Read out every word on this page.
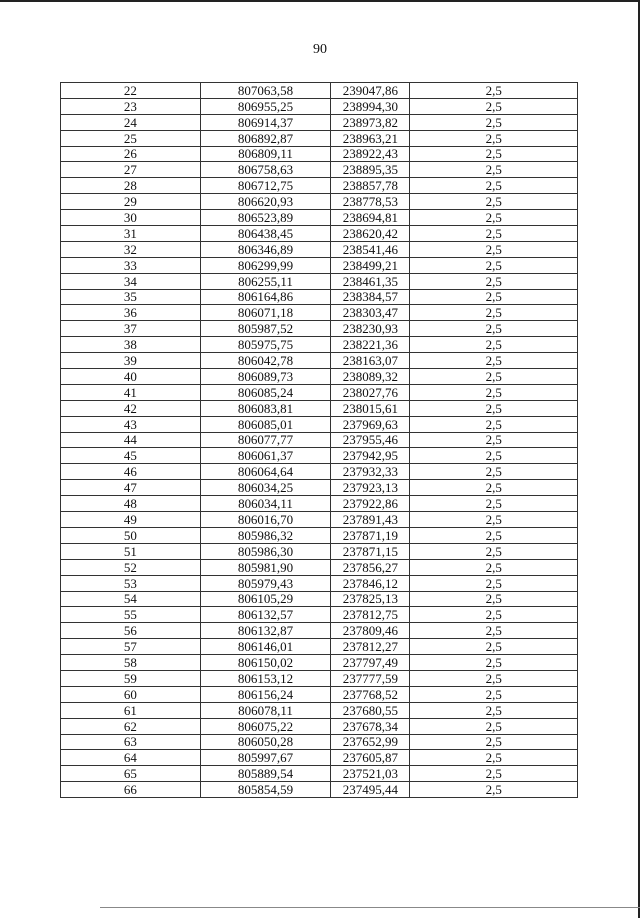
90
22	807063,58	239047,86	2,5
23	806955,25	238994,30	2,5
24	806914,37	238973,82	2,5
25	806892,87	238963,21	2,5
26	806809,11	238922,43	2,5
27	806758,63	238895,35	2,5
28	806712,75	238857,78	2,5
29	806620,93	238778,53	2,5
30	806523,89	238694,81	2,5
31	806438,45	238620,42	2,5
32	806346,89	238541,46	2,5
33	806299,99	238499,21	2,5
34	806255,11	238461,35	2,5
35	806164,86	238384,57	2,5
36	806071,18	238303,47	2,5
37	805987,52	238230,93	2,5
38	805975,75	238221,36	2,5
39	806042,78	238163,07	2,5
40	806089,73	238089,32	2,5
41	806085,24	238027,76	2,5
42	806083,81	238015,61	2,5
43	806085,01	237969,63	2,5
44	806077,77	237955,46	2,5
45	806061,37	237942,95	2,5
46	806064,64	237932,33	2,5
47	806034,25	237923,13	2,5
48	806034,11	237922,86	2,5
49	806016,70	237891,43	2,5
50	805986,32	237871,19	2,5
51	805986,30	237871,15	2,5
52	805981,90	237856,27	2,5
53	805979,43	237846,12	2,5
54	806105,29	237825,13	2,5
55	806132,57	237812,75	2,5
56	806132,87	237809,46	2,5
57	806146,01	237812,27	2,5
58	806150,02	237797,49	2,5
59	806153,12	237777,59	2,5
60	806156,24	237768,52	2,5
61	806078,11	237680,55	2,5
62	806075,22	237678,34	2,5
63	806050,28	237652,99	2,5
64	805997,67	237605,87	2,5
65	805889,54	237521,03	2,5
66	805854,59	237495,44	2,5
